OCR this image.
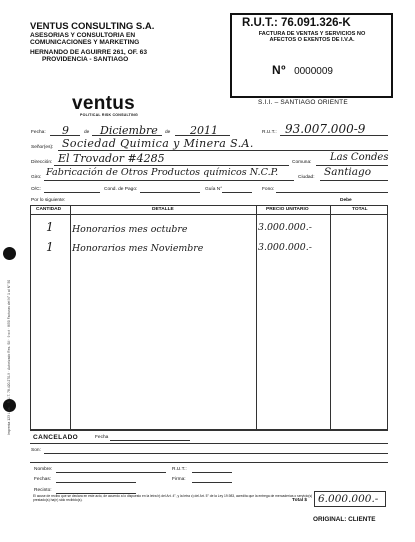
VENTUS CONSULTING S.A.
ASESORIAS Y CONSULTORIA EN
COMUNICACIONES Y MARKETING
HERNANDO DE AGUIRRE 261, OF. 63
PROVIDENCIA - SANTIAGO
ventus
POLITICAL RISK CONSULTING
R.U.T.: 76.091.326-K
FACTURA DE VENTAS Y SERVICIOS NO AFECTOS O EXENTOS DE I.V.A.
Nº 0000009
S.I.I. – SANTIAGO ORIENTE
Fecha: 9	de Diciembre de 2011	R.U.T.: 93.007.000-9
Señor(es): Sociedad Quimica y Minera S.A.
Dirección: El Trovador #4285	Comuna: Las Condes
Giro: Fabricación de Otros Productos químicos N.C.P.	Ciudad: Santiago
O/C:	Cond. de Pago:	Guía N°	Fono:
Por lo siguiente:	Debe
CANTIDAD	DETALLE	PRECIO UNITARIO	TOTAL
1 Honorarios mes octubre	3.000.000.-
1 Honorarios mes Noviembre	3.000.000.-
Imprenta 123 Ltda. · R.U.T. 78.420.270-9 · Autorizado Res. SII · 9 oct · 8/50 Facturas del N° 1 al N° 50
CANCELADO	Fecha
Son:
Nombre:	R.U.T.:
Fechas:	Firma:
Recinto:
El acuse de recibo que se declara en este acto, de acuerdo a lo dispuesto en la letra b) del Art. 4°, y la letra c) del Art. 5° de la Ley 19.983, acredita que la entrega de mercaderías o servicio(s) prestado(s) ha(n) sido recibido(s).	Total $ 6.000.000.-
ORIGINAL: CLIENTE
